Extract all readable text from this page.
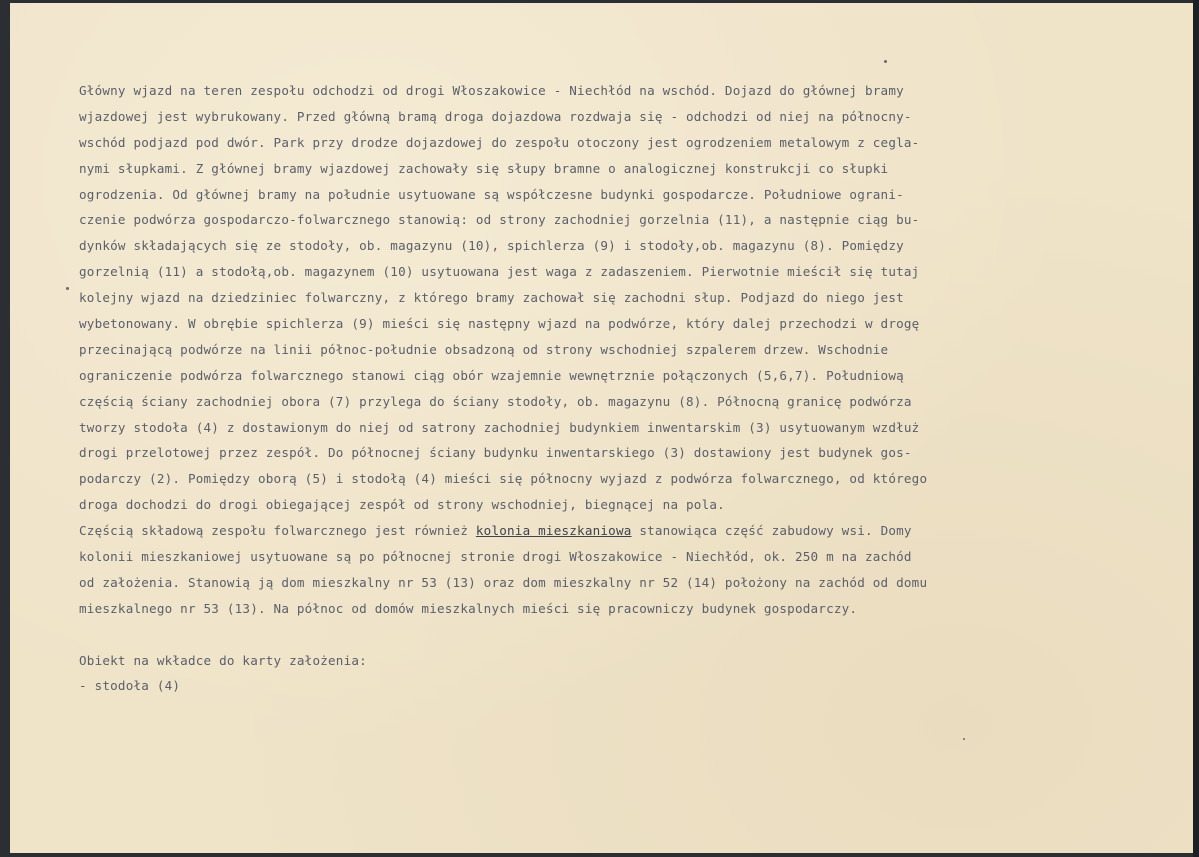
Główny wjazd na teren zespołu odchodzi od drogi Włoszakowice - Niechłód na wschód. Dojazd do głównej bramy
wjazdowej jest wybrukowany. Przed główną bramą droga dojazdowa rozdwaja się - odchodzi od niej na północny-
wschód podjazd pod dwór. Park przy drodze dojazdowej do zespołu otoczony jest ogrodzeniem metalowym z cegla-
nymi słupkami. Z głównej bramy wjazdowej zachowały się słupy bramne o analogicznej konstrukcji co słupki
ogrodzenia. Od głównej bramy na południe usytuowane są współczesne budynki gospodarcze. Południowe ograni-
czenie podwórza gospodarczo-folwarcznego stanowią: od strony zachodniej gorzelnia (11), a następnie ciąg bu-
dynków składających się ze stodoły, ob. magazynu (10), spichlerza (9) i stodoły,ob. magazynu (8). Pomiędzy
gorzelnią (11) a stodołą,ob. magazynem (10) usytuowana jest waga z zadaszeniem. Pierwotnie mieścił się tutaj
kolejny wjazd na dziedziniec folwarczny, z którego bramy zachował się zachodni słup. Podjazd do niego jest
wybetonowany. W obrębie spichlerza (9) mieści się następny wjazd na podwórze, który dalej przechodzi w drogę
przecinającą podwórze na linii północ-południe obsadzoną od strony wschodniej szpalerem drzew. Wschodnie
ograniczenie podwórza folwarcznego stanowi ciąg obór wzajemnie wewnętrznie połączonych (5,6,7). Południową
częścią ściany zachodniej obora (7) przylega do ściany stodoły, ob. magazynu (8). Północną granicę podwórza
tworzy stodoła (4) z dostawionym do niej od satrony zachodniej budynkiem inwentarskim (3) usytuowanym wzdłuż
drogi przelotowej przez zespół. Do północnej ściany budynku inwentarskiego (3) dostawiony jest budynek gos-
podarczy (2). Pomiędzy oborą (5) i stodołą (4) mieści się północny wyjazd z podwórza folwarcznego, od którego
droga dochodzi do drogi obiegającej zespół od strony wschodniej, biegnącej na pola.
Częścią składową zespołu folwarcznego jest również kolonia mieszkaniowa stanowiąca część zabudowy wsi. Domy
kolonii mieszkaniowej usytuowane są po północnej stronie drogi Włoszakowice - Niechłód, ok. 250 m na zachód
od założenia. Stanowią ją dom mieszkalny nr 53 (13) oraz dom mieszkalny nr 52 (14) położony na zachód od domu
mieszkalnego nr 53 (13). Na północ od domów mieszkalnych mieści się pracowniczy budynek gospodarczy.
Obiekt na wkładce do karty założenia:
- stodoła (4)
